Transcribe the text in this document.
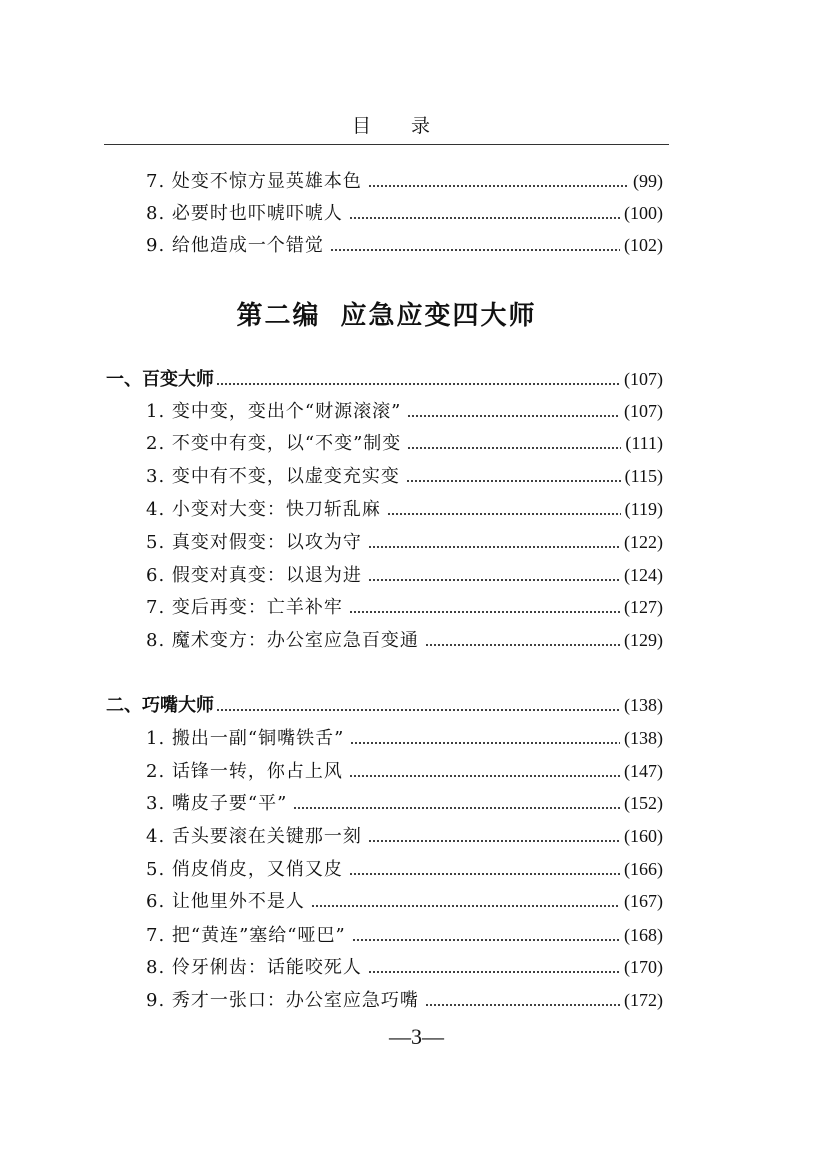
目 录
7. 处变不惊方显英雄本色	(99)
8. 必要时也吓唬吓唬人	(100)
9. 给他造成一个错觉	(102)
第二编 应急应变四大师
一、百变大师	(107)
1. 变中变，变出个“财源滚滚”	(107)
2. 不变中有变，以“不变”制变	(111)
3. 变中有不变，以虚变充实变	(115)
4. 小变对大变：快刀斩乱麻	(119)
5. 真变对假变：以攻为守	(122)
6. 假变对真变：以退为进	(124)
7. 变后再变：亡羊补牢	(127)
8. 魔术变方：办公室应急百变通	(129)
二、巧嘴大师	(138)
1. 搬出一副“铜嘴铁舌”	(138)
2. 话锋一转，你占上风	(147)
3. 嘴皮子要“平”	(152)
4. 舌头要滚在关键那一刻	(160)
5. 俏皮俏皮，又俏又皮	(166)
6. 让他里外不是人	(167)
7. 把“黄连”塞给“哑巴”	(168)
8. 伶牙俐齿：话能咬死人	(170)
9. 秀才一张口：办公室应急巧嘴	(172)
—3—
